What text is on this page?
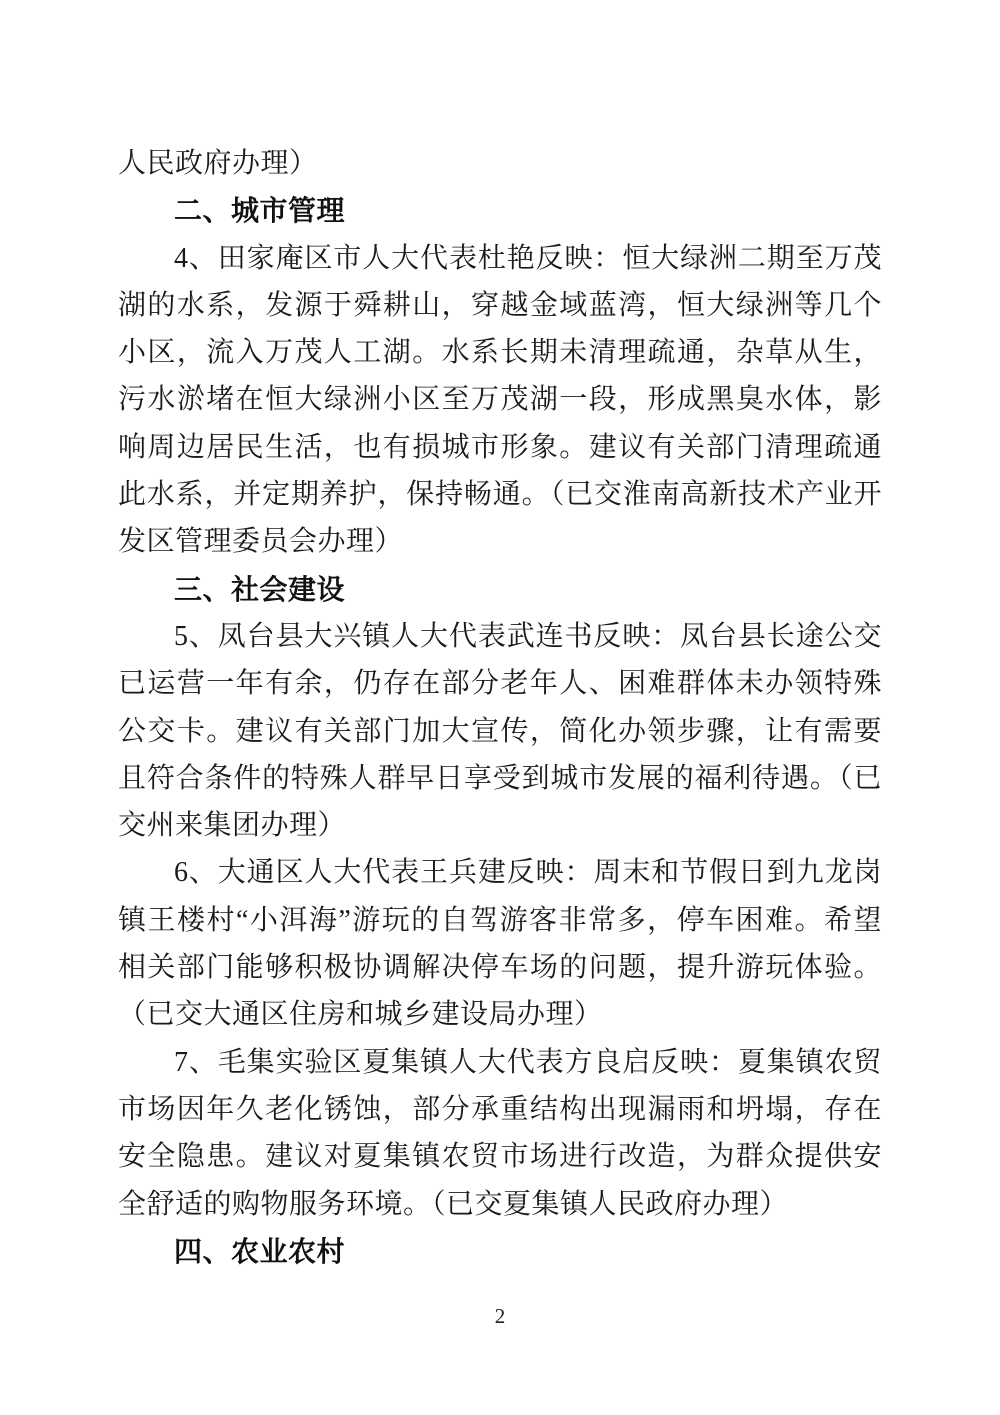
人民政府办理）

二、城市管理

4、田家庵区市人大代表杜艳反映：恒大绿洲二期至万茂湖的水系，发源于舜耕山，穿越金域蓝湾，恒大绿洲等几个小区，流入万茂人工湖。水系长期未清理疏通，杂草从生，污水淤堵在恒大绿洲小区至万茂湖一段，形成黑臭水体，影响周边居民生活，也有损城市形象。建议有关部门清理疏通此水系，并定期养护，保持畅通。（已交淮南高新技术产业开发区管理委员会办理）

三、社会建设

5、凤台县大兴镇人大代表武连书反映：凤台县长途公交已运营一年有余，仍存在部分老年人、困难群体未办领特殊公交卡。建议有关部门加大宣传，简化办领步骤，让有需要且符合条件的特殊人群早日享受到城市发展的福利待遇。（已交州来集团办理）

6、大通区人大代表王兵建反映：周末和节假日到九龙岗镇王楼村“小洱海”游玩的自驾游客非常多，停车困难。希望相关部门能够积极协调解决停车场的问题，提升游玩体验。（已交大通区住房和城乡建设局办理）

7、毛集实验区夏集镇人大代表方良启反映：夏集镇农贸市场因年久老化锈蚀，部分承重结构出现漏雨和坍塌，存在安全隐患。建议对夏集镇农贸市场进行改造，为群众提供安全舒适的购物服务环境。（已交夏集镇人民政府办理）

四、农业农村

2
